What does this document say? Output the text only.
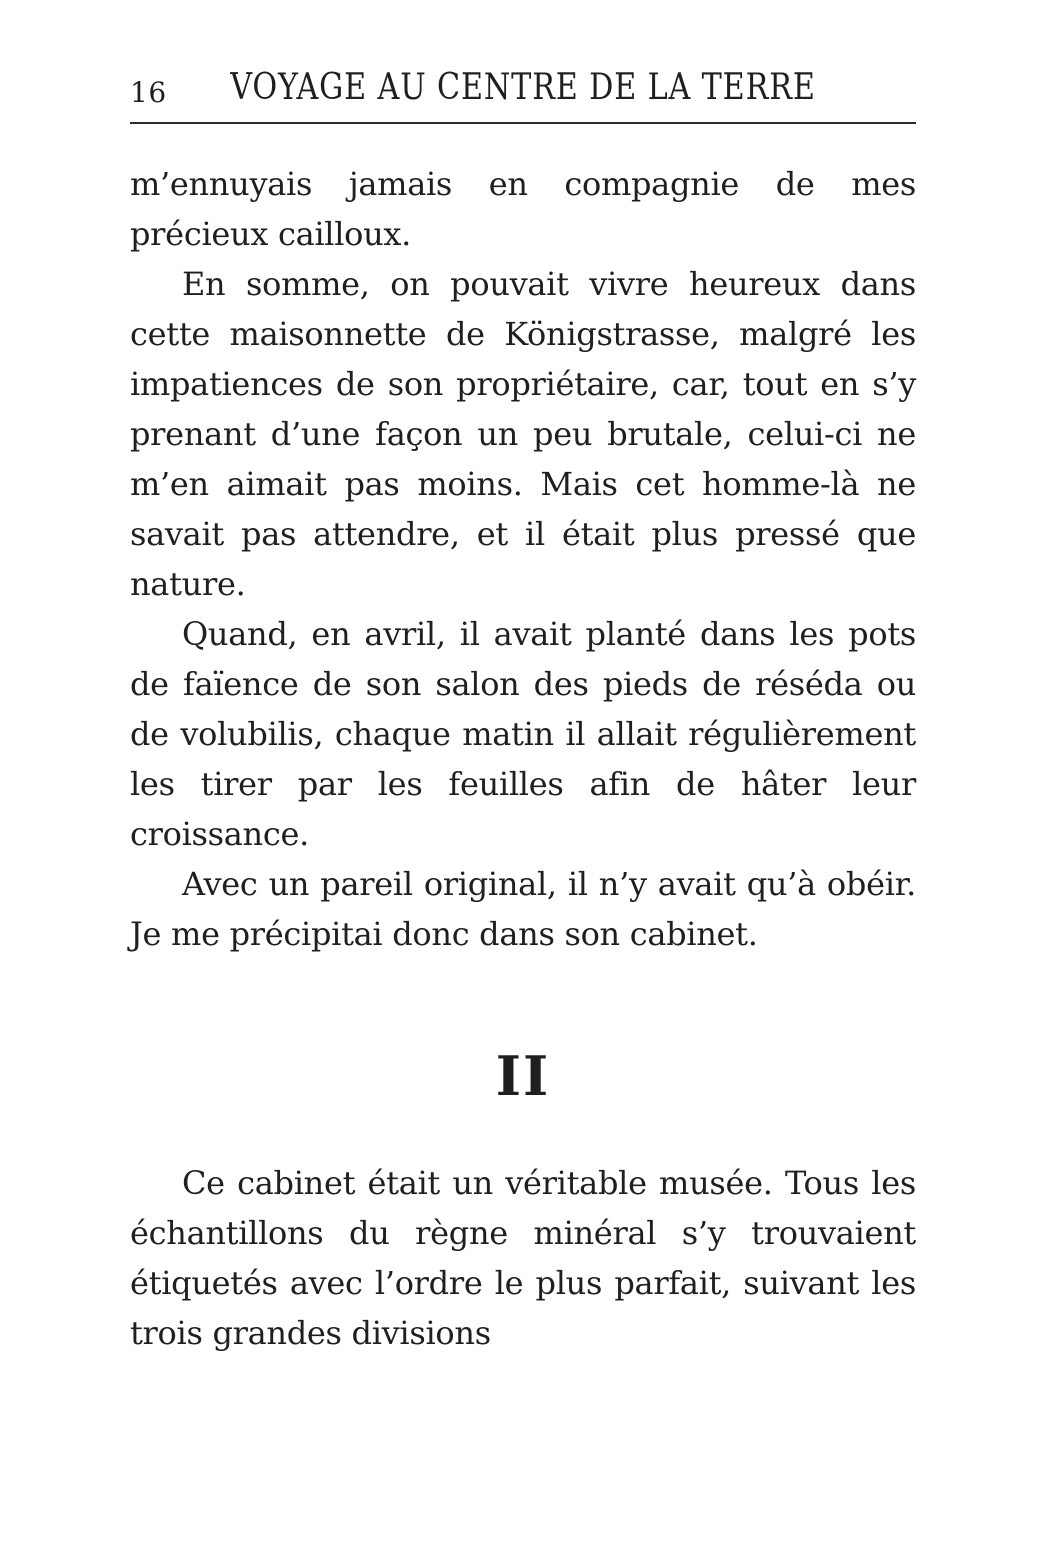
16	VOYAGE AU CENTRE DE LA TERRE

m’ennuyais jamais en compagnie de mes précieux cailloux.

En somme, on pouvait vivre heureux dans cette maisonnette de Königstrasse, malgré les impatiences de son propriétaire, car, tout en s’y prenant d’une façon un peu brutale, celui-ci ne m’en aimait pas moins. Mais cet homme-là ne savait pas attendre, et il était plus pressé que nature.

Quand, en avril, il avait planté dans les pots de faïence de son salon des pieds de réséda ou de volubilis, chaque matin il allait régulièrement les tirer par les feuilles afin de hâter leur croissance.

Avec un pareil original, il n’y avait qu’à obéir. Je me précipitai donc dans son cabinet.

II

Ce cabinet était un véritable musée. Tous les échantillons du règne minéral s’y trouvaient étiquetés avec l’ordre le plus parfait, suivant les trois grandes divisions
